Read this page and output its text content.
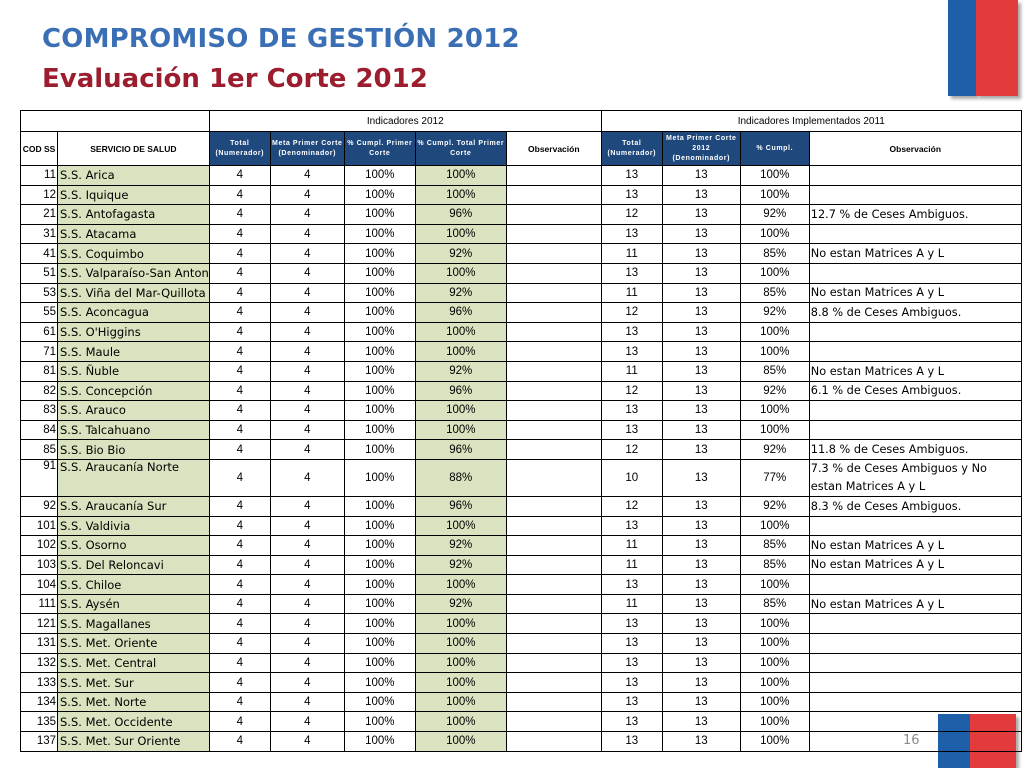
COMPROMISO DE GESTIÓN 2012
Evaluación 1er Corte 2012
		Indicadores 2012					Indicadores Implementados 2011			
COD SS	SERVICIO DE SALUD	Total (Numerador)	Meta Primer Corte (Denominador)	% Cumpl. Primer Corte	% Cumpl. Total Primer Corte	Observación	Total (Numerador)	Meta Primer Corte 2012 (Denominador)	% Cumpl.	Observación
11	S.S. Arica	4	4	100%	100%		13	13	100%	
12	S.S. Iquique	4	4	100%	100%		13	13	100%	
21	S.S. Antofagasta	4	4	100%	96%		12	13	92%	12.7 % de Ceses Ambiguos.
31	S.S. Atacama	4	4	100%	100%		13	13	100%	
41	S.S. Coquimbo	4	4	100%	92%		11	13	85%	No estan Matrices A y L
51	S.S. Valparaíso-San Anton	4	4	100%	100%		13	13	100%	
53	S.S. Viña del Mar-Quillota	4	4	100%	92%		11	13	85%	No estan Matrices A y L
55	S.S. Aconcagua	4	4	100%	96%		12	13	92%	8.8 % de Ceses Ambiguos.
61	S.S. O'Higgins	4	4	100%	100%		13	13	100%	
71	S.S. Maule	4	4	100%	100%		13	13	100%	
81	S.S. Ñuble	4	4	100%	92%		11	13	85%	No estan Matrices A y L
82	S.S. Concepción	4	4	100%	96%		12	13	92%	6.1 % de Ceses Ambiguos.
83	S.S. Arauco	4	4	100%	100%		13	13	100%	
84	S.S. Talcahuano	4	4	100%	100%		13	13	100%	
85	S.S. Bio Bio	4	4	100%	96%		12	13	92%	11.8 % de Ceses Ambiguos.
91	S.S. Araucanía Norte	4	4	100%	88%		10	13	77%	7.3 % de Ceses Ambiguos y No estan Matrices A y L
92	S.S. Araucanía Sur	4	4	100%	96%		12	13	92%	8.3 % de Ceses Ambiguos.
101	S.S. Valdivia	4	4	100%	100%		13	13	100%	
102	S.S. Osorno	4	4	100%	92%		11	13	85%	No estan Matrices A y L
103	S.S. Del Reloncavi	4	4	100%	92%		11	13	85%	No estan Matrices A y L
104	S.S. Chiloe	4	4	100%	100%		13	13	100%	
111	S.S. Aysén	4	4	100%	92%		11	13	85%	No estan Matrices A y L
121	S.S. Magallanes	4	4	100%	100%		13	13	100%	
131	S.S. Met. Oriente	4	4	100%	100%		13	13	100%	
132	S.S. Met. Central	4	4	100%	100%		13	13	100%	
133	S.S. Met. Sur	4	4	100%	100%		13	13	100%	
134	S.S. Met. Norte	4	4	100%	100%		13	13	100%	
135	S.S. Met. Occidente	4	4	100%	100%		13	13	100%	
137	S.S. Met. Sur Oriente	4	4	100%	100%		13	13	100%		16
